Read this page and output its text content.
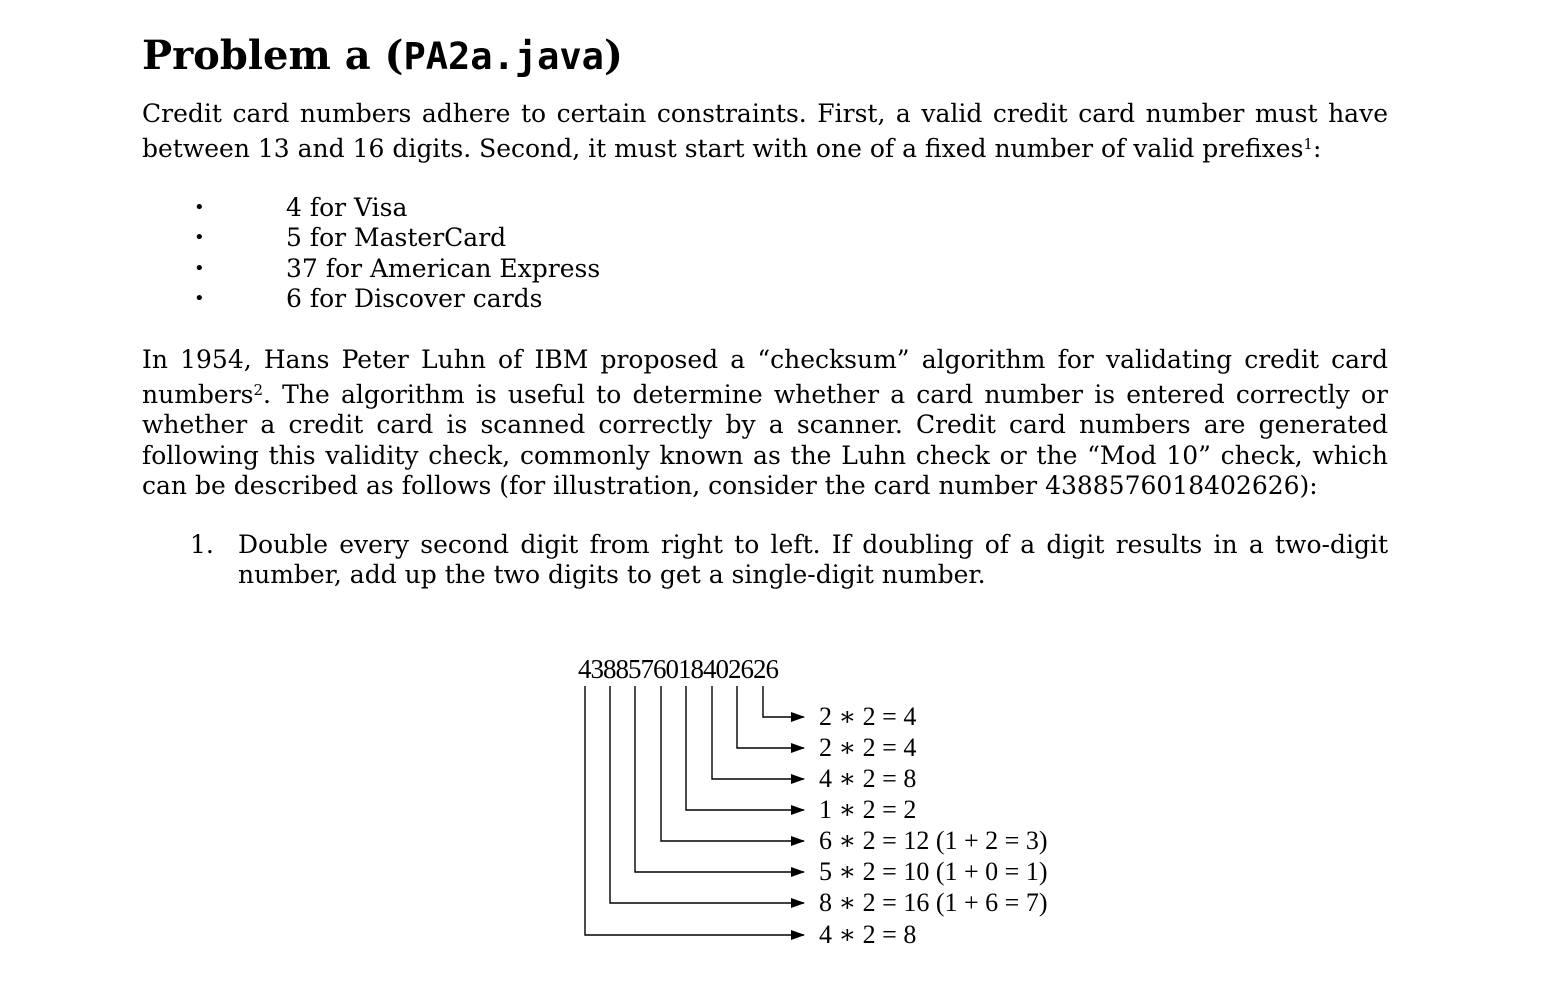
Problem a (PA2a.java)

Credit card numbers adhere to certain constraints. First, a valid credit card number must have between 13 and 16 digits. Second, it must start with one of a fixed number of valid prefixes$^1$:

•	4 for Visa
•	5 for MasterCard
•	37 for American Express
•	6 for Discover cards

In 1954, Hans Peter Luhn of IBM proposed a “checksum” algorithm for validating credit card numbers$^2$. The algorithm is useful to determine whether a card number is entered correctly or whether a credit card is scanned correctly by a scanner. Credit card numbers are generated following this validity check, commonly known as the Luhn check or the “Mod 10” check, which can be described as follows (for illustration, consider the card number 4388576018402626):

1. Double every second digit from right to left. If doubling of a digit results in a two-digit number, add up the two digits to get a single-digit number.
4388576018402626
2 ∗ 2 = 4
2 ∗ 2 = 4
4 ∗ 2 = 8
1 ∗ 2 = 2
6 ∗ 2 = 12 (1 + 2 = 3)
5 ∗ 2 = 10 (1 + 0 = 1)
8 ∗ 2 = 16 (1 + 6 = 7)
4 ∗ 2 = 8
